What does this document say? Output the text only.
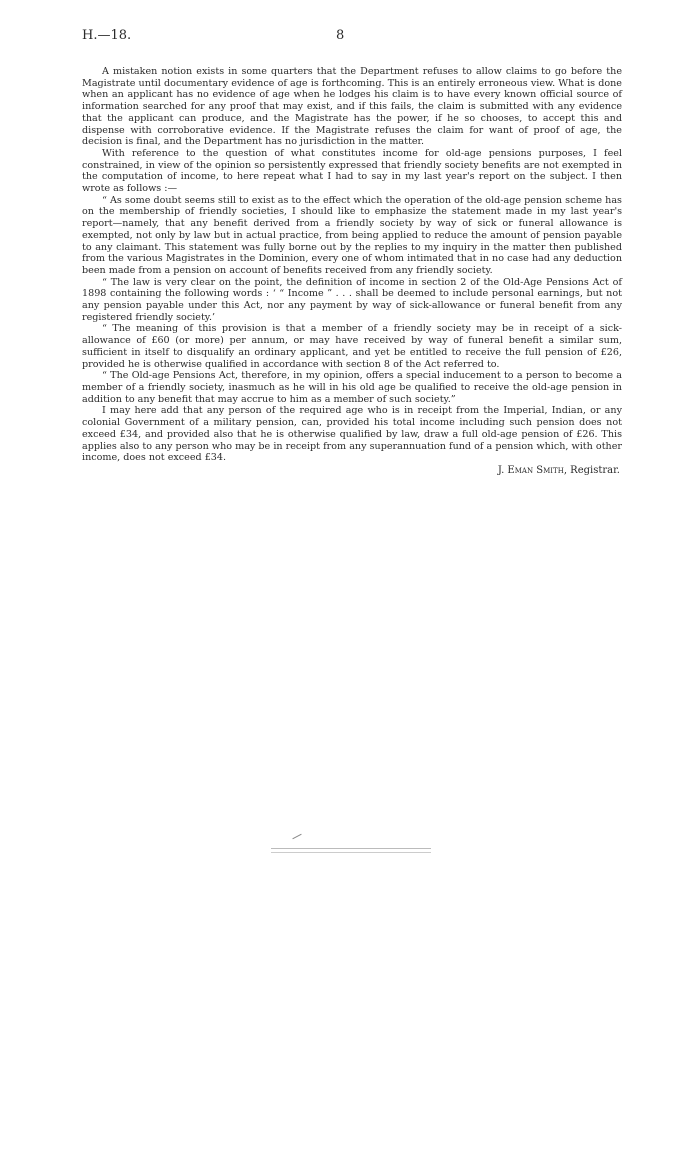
H.—18.	8

A mistaken notion exists in some quarters that the Department refuses to allow claims to go before the Magistrate until documentary evidence of age is forthcoming. This is an entirely erroneous view. What is done when an applicant has no evidence of age when he lodges his claim is to have every known official source of information searched for any proof that may exist, and if this fails, the claim is submitted with any evidence that the applicant can produce, and the Magistrate has the power, if he so chooses, to accept this and dispense with corroborative evidence. If the Magistrate refuses the claim for want of proof of age, the decision is final, and the Department has no jurisdiction in the matter.

With reference to the question of what constitutes income for old-age pensions purposes, I feel constrained, in view of the opinion so persistently expressed that friendly society benefits are not exempted in the computation of income, to here repeat what I had to say in my last year's report on the subject. I then wrote as follows :—

“ As some doubt seems still to exist as to the effect which the operation of the old-age pension scheme has on the membership of friendly societies, I should like to emphasize the statement made in my last year's report—namely, that any benefit derived from a friendly society by way of sick or funeral allowance is exempted, not only by law but in actual practice, from being applied to reduce the amount of pension payable to any claimant. This statement was fully borne out by the replies to my inquiry in the matter then published from the various Magistrates in the Dominion, every one of whom intimated that in no case had any deduction been made from a pension on account of benefits received from any friendly society.

“ The law is very clear on the point, the definition of income in section 2 of the Old-Age Pensions Act of 1898 containing the following words : ‘ “ Income ” . . . shall be deemed to include personal earnings, but not any pension payable under this Act, nor any payment by way of sick-allowance or funeral benefit from any registered friendly society.’

“ The meaning of this provision is that a member of a friendly society may be in receipt of a sick-allowance of £60 (or more) per annum, or may have received by way of funeral benefit a similar sum, sufficient in itself to disqualify an ordinary applicant, and yet be entitled to receive the full pension of £26, provided he is otherwise qualified in accordance with section 8 of the Act referred to.

“ The Old-age Pensions Act, therefore, in my opinion, offers a special inducement to a person to become a member of a friendly society, inasmuch as he will in his old age be qualified to receive the old-age pension in addition to any benefit that may accrue to him as a member of such society.”

I may here add that any person of the required age who is in receipt from the Imperial, Indian, or any colonial Government of a military pension, can, provided his total income including such pension does not exceed £34, and provided also that he is otherwise qualified by law, draw a full old-age pension of £26. This applies also to any person who may be in receipt from any superannuation fund of a pension which, with other income, does not exceed £34.

J. Eman Smith, Registrar.
